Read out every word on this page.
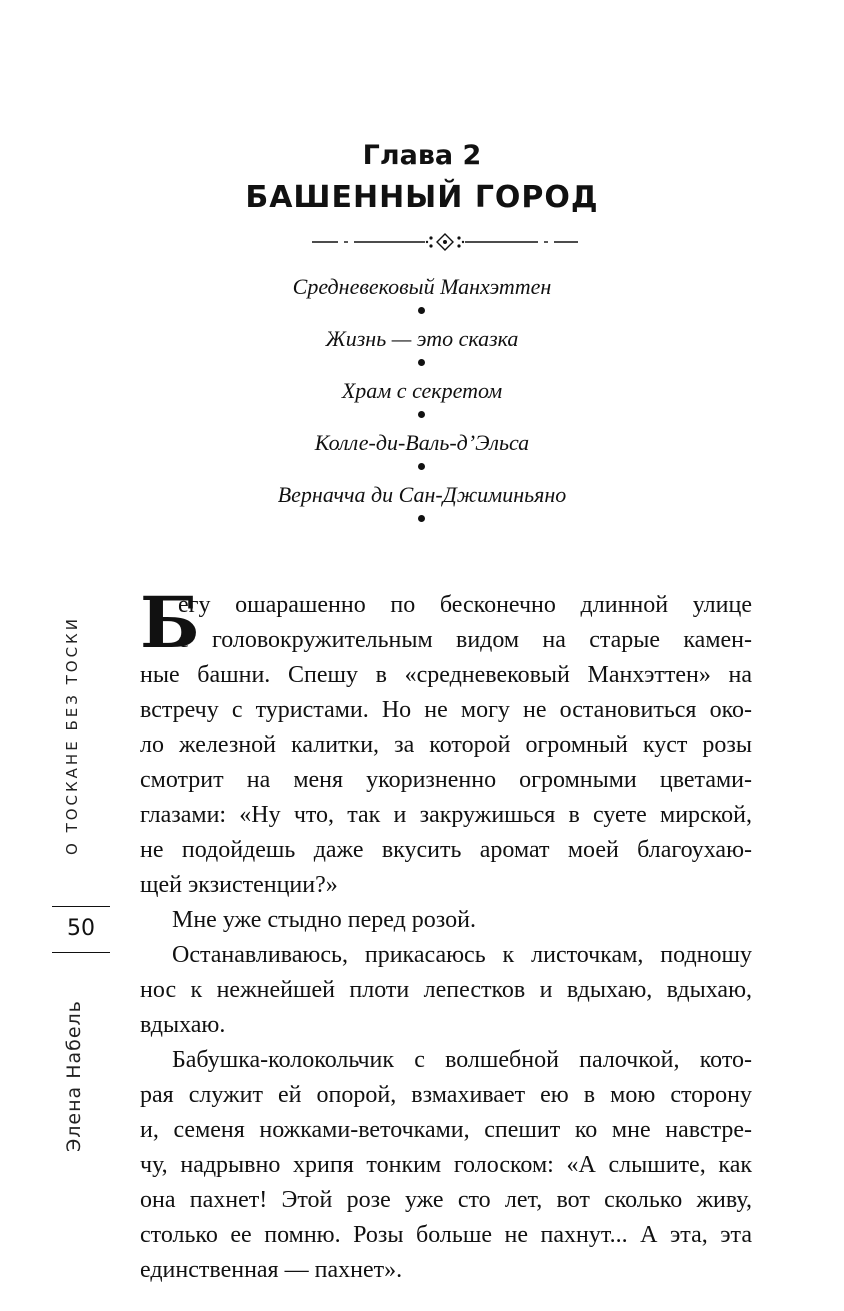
Глава 2
БАШЕННЫЙ ГОРОД
Средневековый Манхэттен
Жизнь — это сказка
Храм с секретом
Колле-ди-Валь-д’Эльса
Верначча ди Сан-Джиминьяно
Б
егу ошарашенно по бесконечно длинной улице
с головокружительным видом на старые камен-
ные башни. Спешу в «средневековый Манхэттен» на
встречу с туристами. Но не могу не остановиться око-
ло железной калитки, за которой огромный куст розы
смотрит на меня укоризненно огромными цветами-
глазами: «Ну что, так и закружишься в суете мирской,
не подойдешь даже вкусить аромат моей благоухаю-
щей экзистенции?»
Мне уже стыдно перед розой.
Останавливаюсь, прикасаюсь к листочкам, подношу
нос к нежнейшей плоти лепестков и вдыхаю, вдыхаю,
вдыхаю.
Бабушка-колокольчик с волшебной палочкой, кото-
рая служит ей опорой, взмахивает ею в мою сторону
и, семеня ножками-веточками, спешит ко мне навстре-
чу, надрывно хрипя тонким голоском: «А слышите, как
она пахнет! Этой розе уже сто лет, вот сколько живу,
столько ее помню. Розы больше не пахнут... А эта, эта
единственная — пахнет».
О ТОСКАНЕ БЕЗ ТОСКИ
50
Элена Набель
